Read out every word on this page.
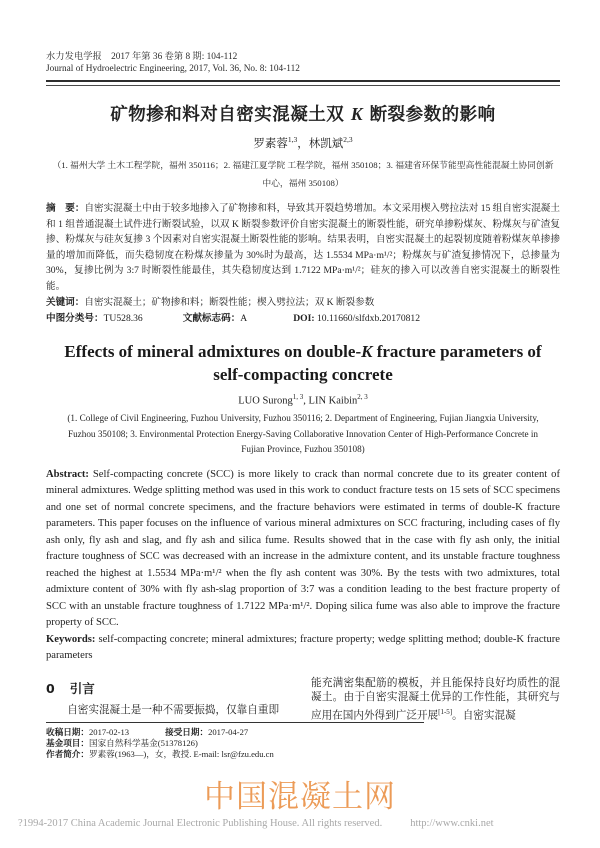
水力发电学报　2017 年第 36 卷第 8 期: 104-112
Journal of Hydroelectric Engineering, 2017, Vol. 36, No. 8: 104-112
矿物掺和料对自密实混凝土双 K 断裂参数的影响
罗素蓉$^{1,3}$，林凯斌$^{2,3}$
（1. 福州大学 土木工程学院，福州 350116；2. 福建江夏学院 工程学院，福州 350108；3. 福建省环保节能型高性能混凝土协同创新中心，福州 350108）

摘　要：自密实混凝土中由于较多地掺入了矿物掺和料，导致其开裂趋势增加。本文采用楔入劈拉法对 15 组自密实混凝土和 1 组普通混凝土试件进行断裂试验，以双 K 断裂参数评价自密实混凝土的断裂性能，研究单掺粉煤灰、粉煤灰与矿渣复掺、粉煤灰与硅灰复掺 3 个因素对自密实混凝土断裂性能的影响。结果表明，自密实混凝土的起裂韧度随着粉煤灰单掺掺量的增加而降低，而失稳韧度在粉煤灰掺量为 30%时为最高，达 1.5534 MPa·m¹/²；粉煤灰与矿渣复掺情况下，总掺量为 30%，复掺比例为 3:7 时断裂性能最佳，其失稳韧度达到 1.7122 MPa·m¹/²；硅灰的掺入可以改善自密实混凝土的断裂性能。

关键词：自密实混凝土；矿物掺和料；断裂性能；楔入劈拉法；双 K 断裂参数

中图分类号：TU528.36	文献标志码：A	DOI: 10.11660/slfdxb.20170812
Effects of mineral admixtures on double-K fracture parameters of self-compacting concrete
LUO Surong$^{1, 3}$, LIN Kaibin$^{2, 3}$
(1. College of Civil Engineering, Fuzhou University, Fuzhou 350116; 2. Department of Engineering, Fujian Jiangxia University, Fuzhou 350108; 3. Environmental Protection Energy-Saving Collaborative Innovation Center of High-Performance Concrete in Fujian Province, Fuzhou 350108)

Abstract: Self-compacting concrete (SCC) is more likely to crack than normal concrete due to its greater content of mineral admixtures. Wedge splitting method was used in this work to conduct fracture tests on 15 sets of SCC specimens and one set of normal concrete specimens, and the fracture behaviors were estimated in terms of double-K fracture parameters. This paper focuses on the influence of various mineral admixtures on SCC fracturing, including cases of fly ash only, fly ash and slag, and fly ash and silica fume. Results showed that in the case with fly ash only, the initial fracture toughness of SCC was decreased with an increase in the admixture content, and its unstable fracture toughness reached the highest at 1.5534 MPa·m¹/² when the fly ash content was 30%. By the tests with two admixtures, total admixture content of 30% with fly ash-slag proportion of 3:7 was a condition leading to the best fracture property of SCC with an unstable fracture toughness of 1.7122 MPa·m¹/². Doping silica fume was also able to improve the fracture property of SCC.

Keywords: self-compacting concrete; mineral admixtures; fracture property; wedge splitting method; double-K fracture parameters

0 引言

自密实混凝土是一种不需要振捣，仅靠自重即

能充满密集配筋的模板，并且能保持良好均质性的混凝土。由于自密实混凝土优异的工作性能，其研究与应用在国内外得到广泛开展[1-5]。自密实混凝

收稿日期：2017-02-13	接受日期：2017-04-27
基金项目：国家自然科学基金(51378126)
作者简介：罗素蓉(1963—)，女，教授. E-mail: lsr@fzu.edu.cn
中国混凝土网
?1994-2017 China Academic Journal Electronic Publishing House. All rights reserved.	http://www.cnki.net
